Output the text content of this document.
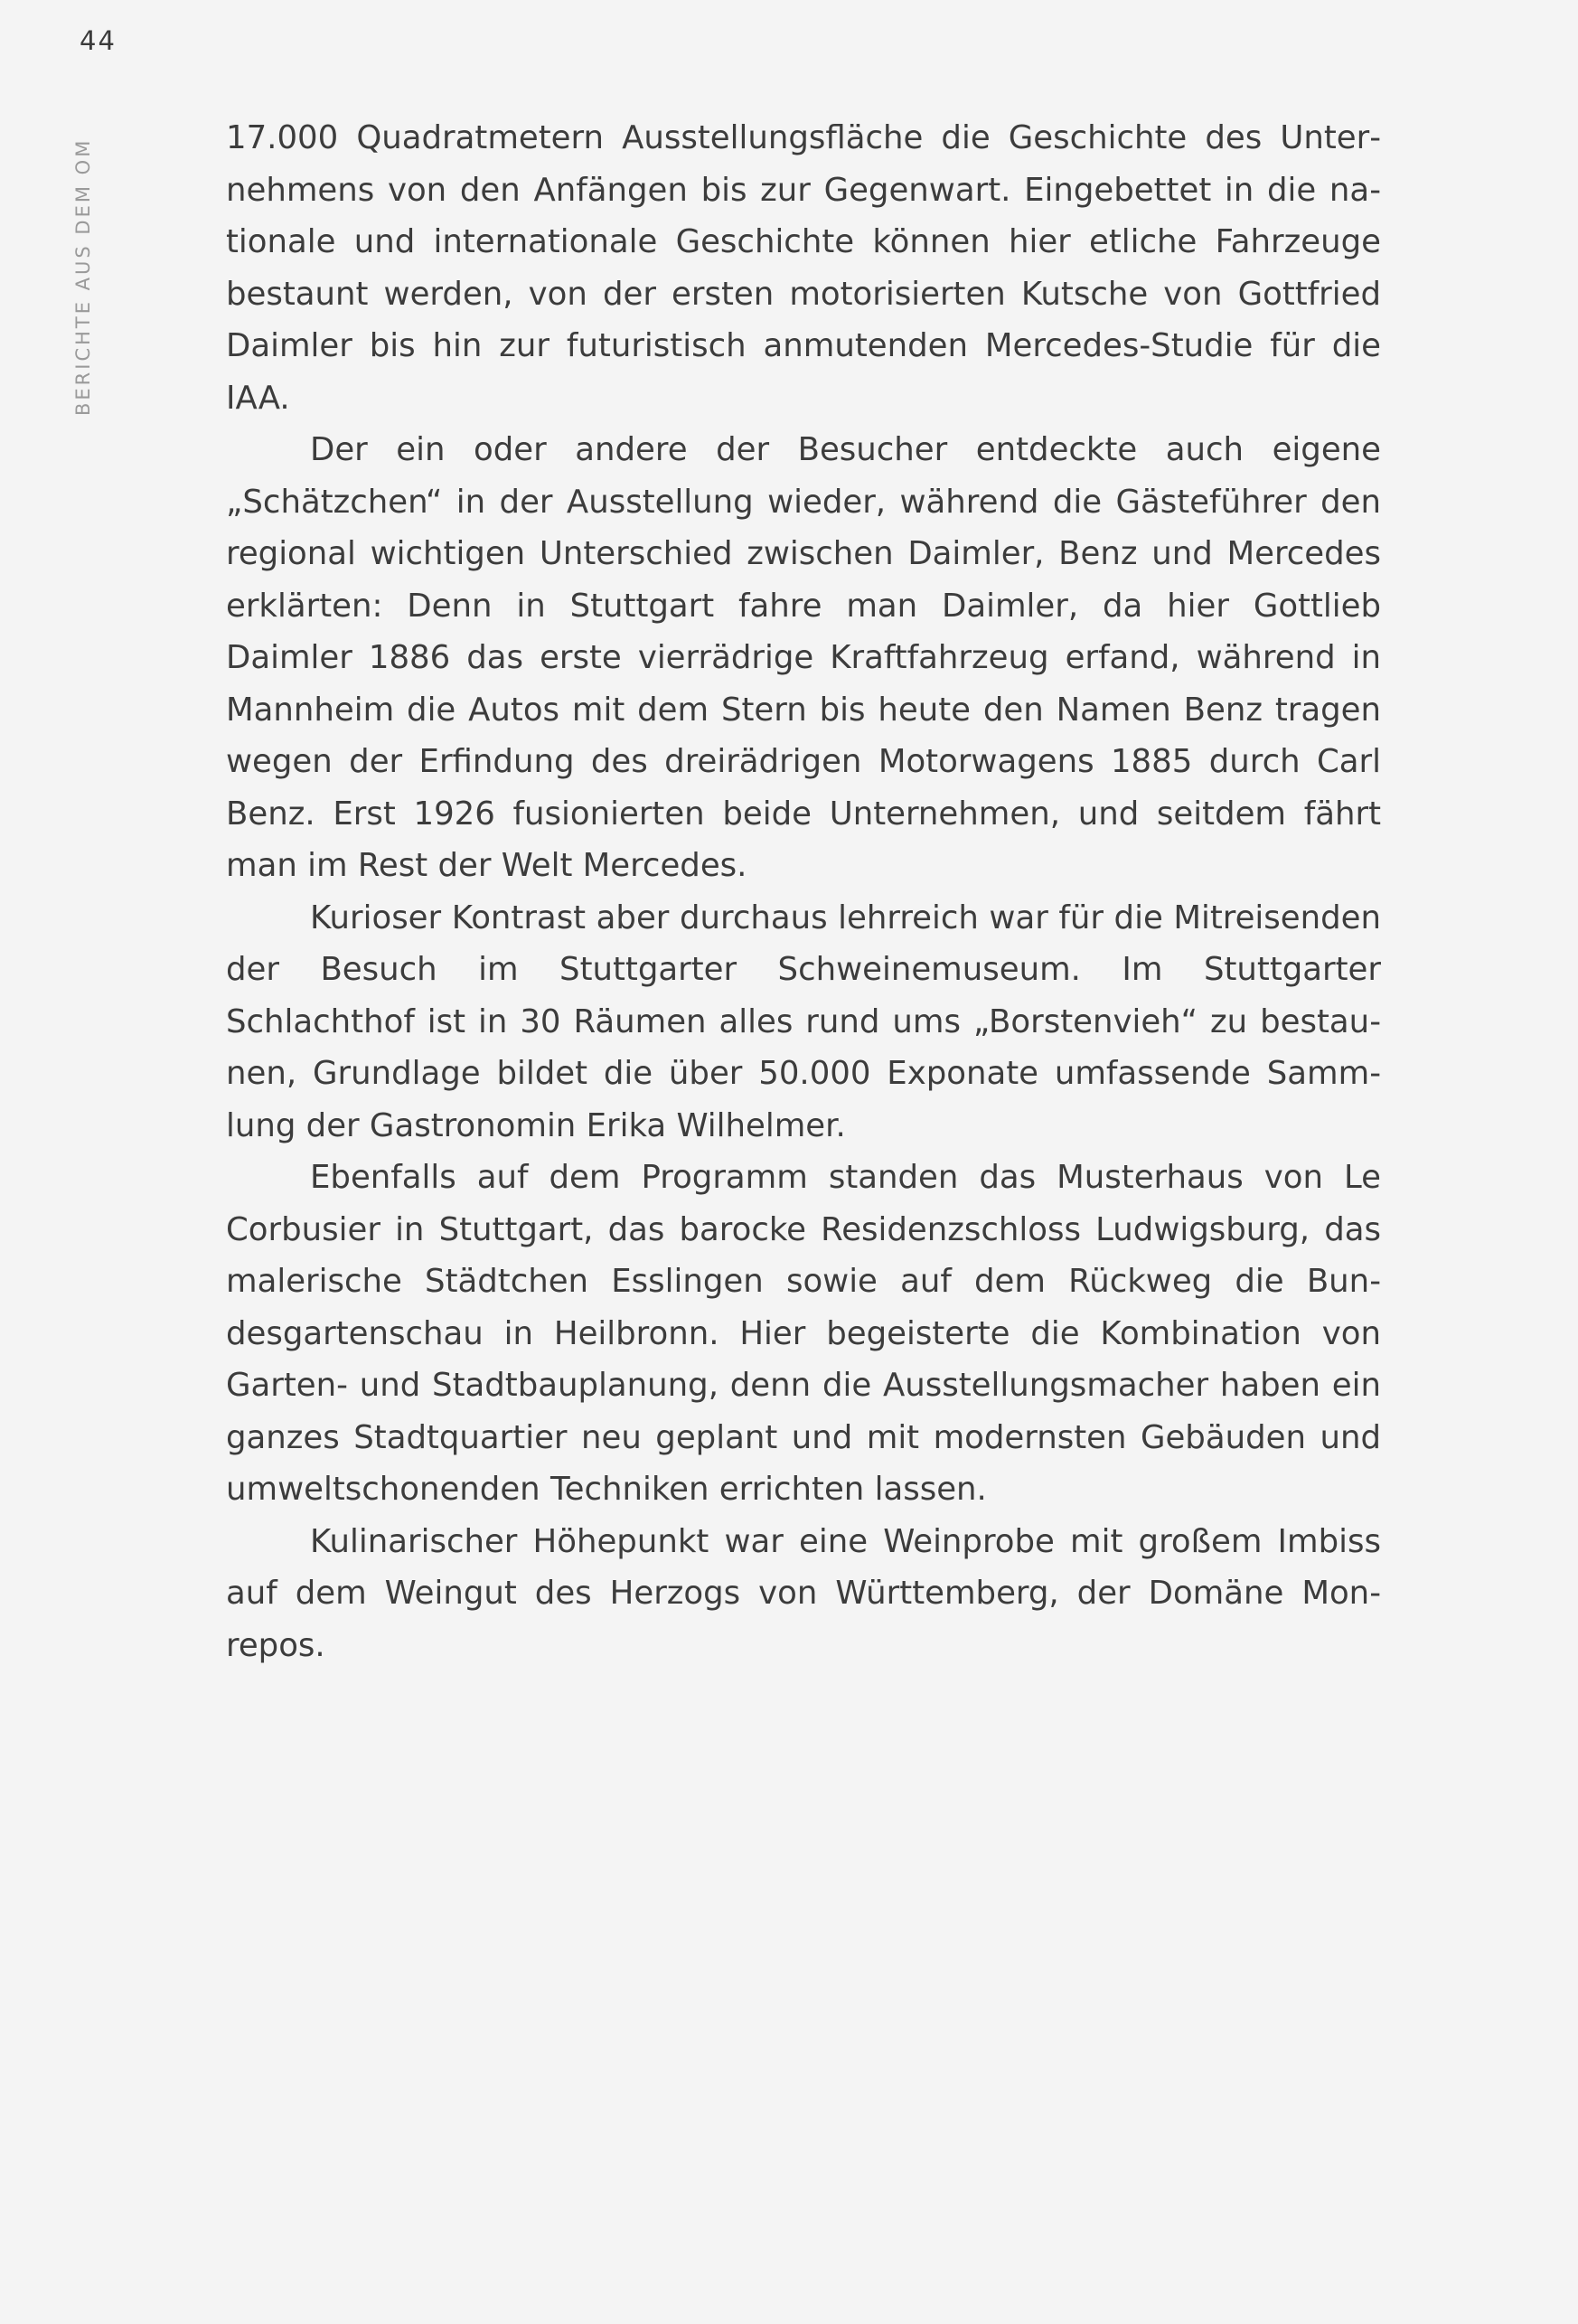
44
BERICHTE AUS DEM OM

17.000 Quadratmetern Ausstellungsfläche die Geschichte des Unternehmens von den Anfängen bis zur Gegenwart. Eingebettet in die nationale und internationale Geschichte können hier etliche Fahrzeuge bestaunt werden, von der ersten motorisierten Kutsche von Gottfried Daimler bis hin zur futuristisch anmutenden Mercedes-Studie für die IAA.

Der ein oder andere der Besucher entdeckte auch eigene „Schätzchen“ in der Ausstellung wieder, während die Gästeführer den regional wichtigen Unterschied zwischen Daimler, Benz und Mercedes erklärten: Denn in Stuttgart fahre man Daimler, da hier Gottlieb Daimler 1886 das erste vierrädrige Kraftfahrzeug erfand, während in Mannheim die Autos mit dem Stern bis heute den Namen Benz tragen wegen der Erfindung des dreirädrigen Motorwagens 1885 durch Carl Benz. Erst 1926 fusionierten beide Unternehmen, und seitdem fährt man im Rest der Welt Mercedes.

Kurioser Kontrast aber durchaus lehrreich war für die Mitreisenden der Besuch im Stuttgarter Schweinemuseum. Im Stuttgarter Schlachthof ist in 30 Räumen alles rund ums „Borstenvieh“ zu bestaunen, Grundlage bildet die über 50.000 Exponate umfassende Sammlung der Gastronomin Erika Wilhelmer.

Ebenfalls auf dem Programm standen das Musterhaus von Le Corbusier in Stuttgart, das barocke Residenzschloss Ludwigsburg, das malerische Städtchen Esslingen sowie auf dem Rückweg die Bundesgartenschau in Heilbronn. Hier begeisterte die Kombination von Garten- und Stadtbauplanung, denn die Ausstellungsmacher haben ein ganzes Stadtquartier neu geplant und mit modernsten Gebäuden und umweltschonenden Techniken errichten lassen.

Kulinarischer Höhepunkt war eine Weinprobe mit großem Imbiss auf dem Weingut des Herzogs von Württemberg, der Domäne Monrepos.
